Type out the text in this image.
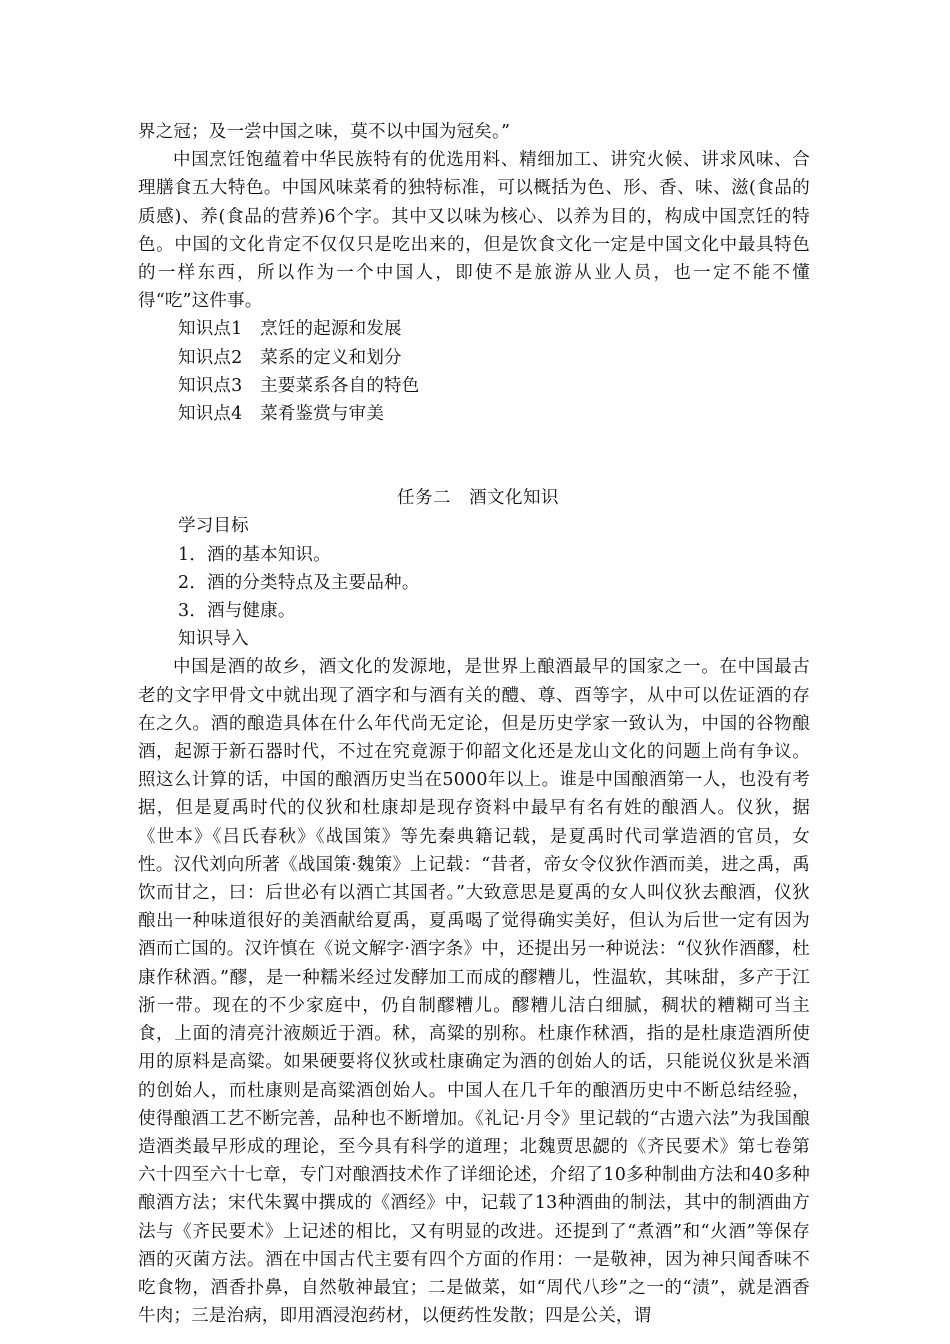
界之冠；及一尝中国之味，莫不以中国为冠矣。”

中国烹饪饱蕴着中华民族特有的优选用料、精细加工、讲究火候、讲求风味、合理膳食五大特色。中国风味菜肴的独特标准，可以概括为色、形、香、味、滋(食品的质感)、养(食品的营养)6个字。其中又以味为核心、以养为目的，构成中国烹饪的特色。中国的文化肯定不仅仅只是吃出来的，但是饮食文化一定是中国文化中最具特色的一样东西，所以作为一个中国人，即使不是旅游从业人员，也一定不能不懂得“吃”这件事。

知识点1　烹饪的起源和发展

知识点2　菜系的定义和划分

知识点3　主要菜系各自的特色

知识点4　菜肴鉴赏与审美

任务二　酒文化知识

学习目标

1．酒的基本知识。

2．酒的分类特点及主要品种。

3．酒与健康。

知识导入

中国是酒的故乡，酒文化的发源地，是世界上酿酒最早的国家之一。在中国最古老的文字甲骨文中就出现了酒字和与酒有关的醴、尊、酉等字，从中可以佐证酒的存在之久。酒的酿造具体在什么年代尚无定论，但是历史学家一致认为，中国的谷物酿酒，起源于新石器时代，不过在究竟源于仰韶文化还是龙山文化的问题上尚有争议。照这么计算的话，中国的酿酒历史当在5000年以上。谁是中国酿酒第一人，也没有考据，但是夏禹时代的仪狄和杜康却是现存资料中最早有名有姓的酿酒人。仪狄，据《世本》《吕氏春秋》《战国策》等先秦典籍记载，是夏禹时代司掌造酒的官员，女性。汉代刘向所著《战国策·魏策》上记载：“昔者，帝女令仪狄作酒而美，进之禹，禹饮而甘之，曰：后世必有以酒亡其国者。”大致意思是夏禹的女人叫仪狄去酿酒，仪狄酿出一种味道很好的美酒献给夏禹，夏禹喝了觉得确实美好，但认为后世一定有因为酒而亡国的。汉许慎在《说文解字·酒字条》中，还提出另一种说法：“仪狄作酒醪，杜康作秫酒。”醪，是一种糯米经过发酵加工而成的醪糟儿，性温软，其味甜，多产于江浙一带。现在的不少家庭中，仍自制醪糟儿。醪糟儿洁白细腻，稠状的糟糊可当主食，上面的清亮汁液颇近于酒。秫，高粱的别称。杜康作秫酒，指的是杜康造酒所使用的原料是高粱。如果硬要将仪狄或杜康确定为酒的创始人的话，只能说仪狄是米酒的创始人，而杜康则是高粱酒创始人。中国人在几千年的酿酒历史中不断总结经验，使得酿酒工艺不断完善，品种也不断增加。《礼记·月令》里记载的“古遗六法”为我国酿造酒类最早形成的理论，至今具有科学的道理；北魏贾思勰的《齐民要术》第七卷第六十四至六十七章，专门对酿酒技术作了详细论述，介绍了10多种制曲方法和40多种酿酒方法；宋代朱翼中撰成的《酒经》中，记载了13种酒曲的制法，其中的制酒曲方法与《齐民要术》上记述的相比，又有明显的改进。还提到了“煮酒”和“火酒”等保存酒的灭菌方法。酒在中国古代主要有四个方面的作用：一是敬神，因为神只闻香味不吃食物，酒香扑鼻，自然敬神最宜；二是做菜，如“周代八珍”之一的“渍”，就是酒香牛肉；三是治病，即用酒浸泡药材，以便药性发散；四是公关，谓
